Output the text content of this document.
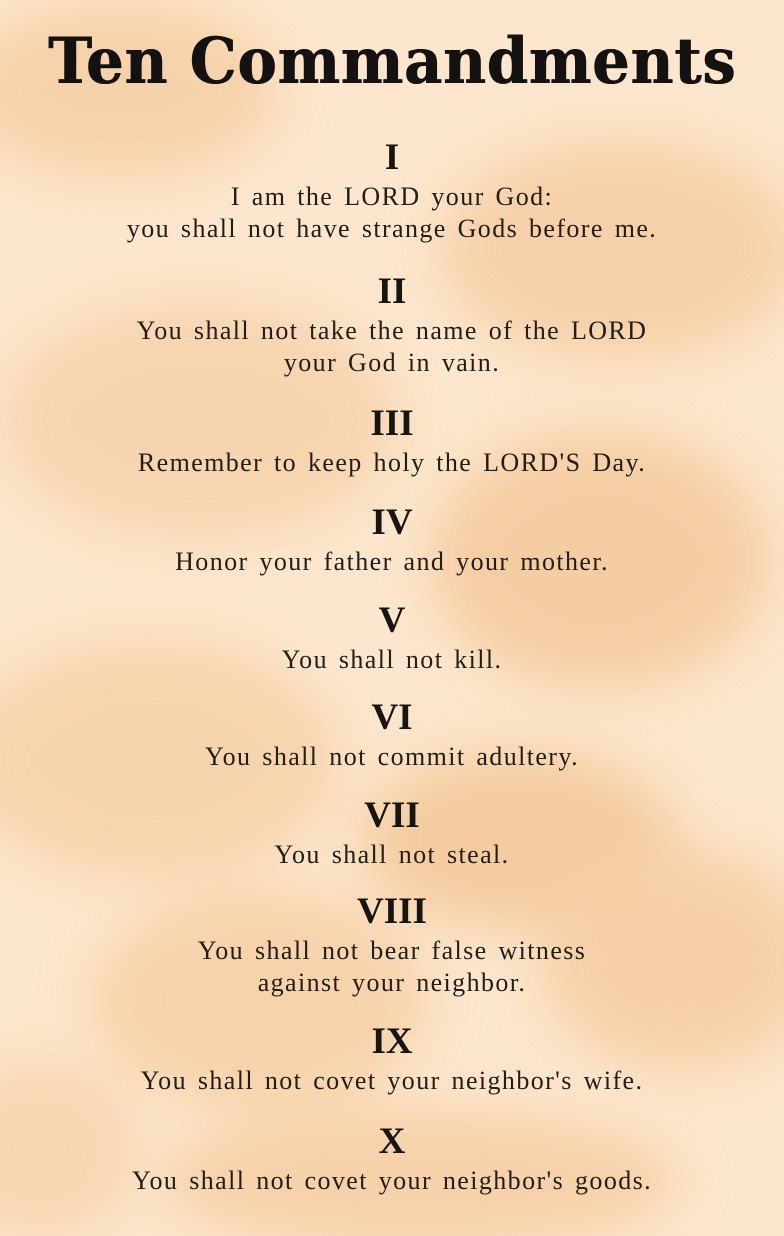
Ten Commandments
I
I am the LORD your God:
you shall not have strange Gods before me.
II
You shall not take the name of the LORD
your God in vain.
III
Remember to keep holy the LORD'S Day.
IV
Honor your father and your mother.
V
You shall not kill.
VI
You shall not commit adultery.
VII
You shall not steal.
VIII
You shall not bear false witness
against your neighbor.
IX
You shall not covet your neighbor's wife.
X
You shall not covet your neighbor's goods.
